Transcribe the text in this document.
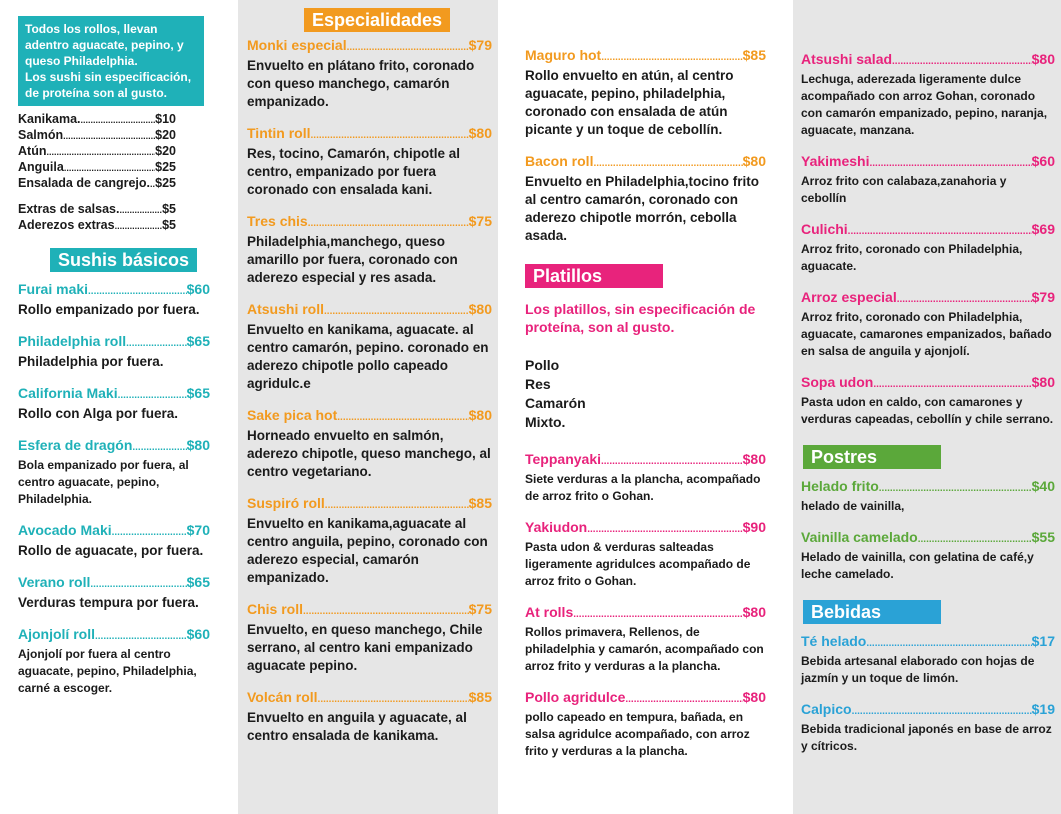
Todos los rollos, llevan adentro aguacate, pepino, y queso Philadelphia.

Los sushi sin especificación, de proteína son al gusto.

Kanikama. .....	$10
Salmón .....	$20
Atún .....	$20
Anguila .....	$25
Ensalada de cangrejo. ..... $25
Extras de salsas. .....	$5
Aderezos extras .....	$5
Sushis básicos
Furai maki .....	$60
Rollo empanizado por fuera.
Philadelphia roll .....	$65
Philadelphia por fuera.
California Maki .....	$65
Rollo con Alga por fuera.
Esfera de dragón .....	$80
Bola empanizado por fuera, al centro aguacate, pepino, Philadelphia.
Avocado Maki .....	$70
Rollo de aguacate, por fuera.
Verano roll .....	$65
Verduras tempura por fuera.
Ajonjolí roll .....	$60
Ajonjolí por fuera al centro aguacate, pepino, Philadelphia, carné a escoger.
Especialidades
Monki especial .....	$79
Envuelto en plátano frito, coronado con queso manchego, camarón empanizado.
Tintin roll .....	$80
Res, tocino, Camarón, chipotle al centro, empanizado por fuera coronado con ensalada kani.
Tres chis .....	$75
Philadelphia,manchego, queso amarillo por fuera, coronado con aderezo especial y res asada.
Atsushi roll .....	$80
Envuelto en kanikama, aguacate. al centro camarón, pepino. coronado en aderezo chipotle pollo capeado agridulc.e
Sake pica hot .....	$80
Horneado envuelto en salmón, aderezo chipotle, queso manchego, al centro vegetariano.
Suspiró roll .....	$85
Envuelto en kanikama,aguacate al centro anguila, pepino, coronado con aderezo especial, camarón empanizado.
Chis roll .....	$75
Envuelto, en queso manchego, Chile serrano, al centro kani empanizado aguacate pepino.
Volcán roll .....	$85
Envuelto en anguila y aguacate, al centro ensalada de kanikama.
Maguro hot .....	$85
Rollo envuelto en atún, al centro aguacate, pepino, philadelphia, coronado con ensalada de atún picante y un toque de cebollín.
Bacon roll .....	$80
Envuelto en Philadelphia,tocino frito al centro camarón, coronado con aderezo chipotle morrón, cebolla asada.
Platillos
Los platillos, sin especificación de proteína, son al gusto.
Pollo
Res
Camarón
Mixto.
Teppanyaki .....	$80
Siete verduras a la plancha, acompañado de arroz frito o Gohan.
Yakiudon .....	$90
Pasta udon & verduras salteadas ligeramente agridulces acompañado de arroz frito o Gohan.
At rolls .....	$80
Rollos primavera, Rellenos, de philadelphia y camarón, acompañado con arroz frito y verduras a la plancha.
Pollo agridulce .....	$80
pollo capeado en tempura, bañada, en salsa agridulce acompañado, con arroz frito y verduras a la plancha.
Atsushi salad .....	$80
Lechuga, aderezada ligeramente dulce acompañado con arroz Gohan, coronado con camarón empanizado, pepino, naranja, aguacate, manzana.
Yakimeshi .....	$60
Arroz frito con calabaza,zanahoria y cebollín
Culichi .....	$69
Arroz frito, coronado con Philadelphia, aguacate.
Arroz especial .....	$79
Arroz frito, coronado con Philadelphia, aguacate, camarones empanizados, bañado en salsa de anguila y ajonjolí.
Sopa udon .....	$80
Pasta udon en caldo, con camarones y verduras capeadas, cebollín y chile serrano.
Postres
Helado frito .....	$40
helado de vainilla,
Vainilla camelado .....	$55
Helado de vainilla, con gelatina de café,y leche camelado.
Bebidas
Té helado .....	$17
Bebida artesanal elaborado con hojas de jazmín y un toque de limón.
Calpico .....	$19
Bebida tradicional japonés en base de arroz y cítricos.
